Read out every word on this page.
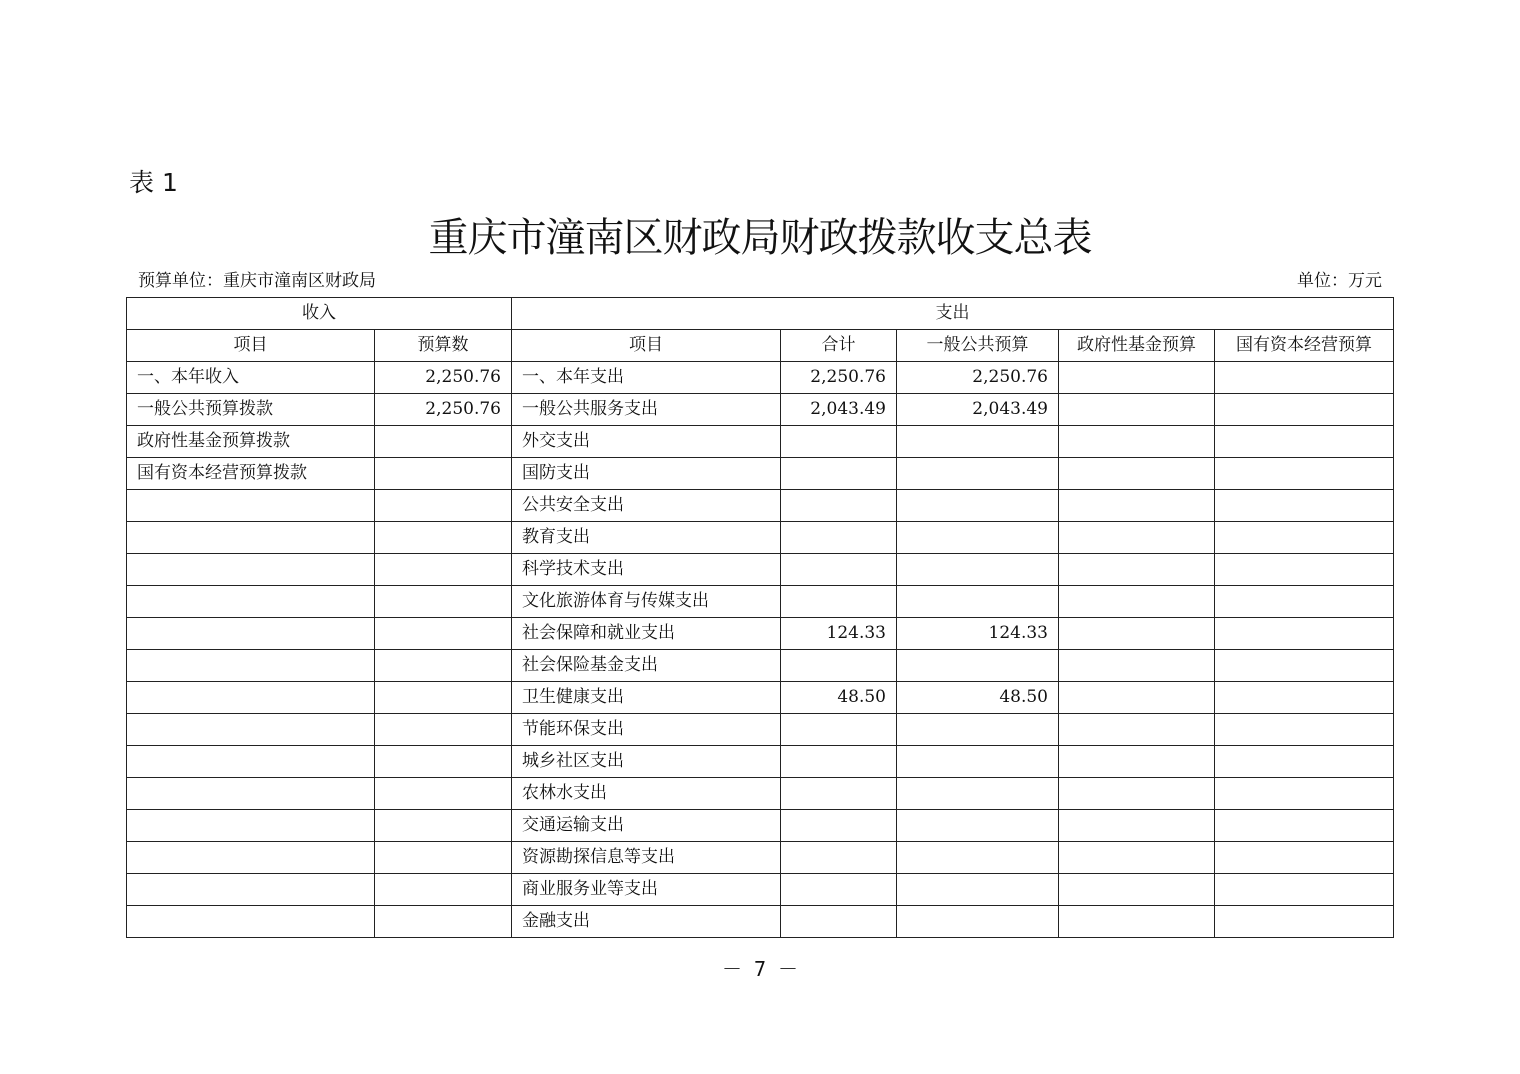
表 1
重庆市潼南区财政局财政拨款收支总表
预算单位：重庆市潼南区财政局	单位：万元
收入		支出				
项目	预算数	项目	合计	一般公共预算	政府性基金预算	国有资本经营预算
一、本年收入	2,250.76	一、本年支出	2,250.76	2,250.76		
一般公共预算拨款	2,250.76	一般公共服务支出	2,043.49	2,043.49		
政府性基金预算拨款		外交支出				
国有资本经营预算拨款		国防支出				
		公共安全支出				
		教育支出				
		科学技术支出				
		文化旅游体育与传媒支出				
		社会保障和就业支出	124.33	124.33		
		社会保险基金支出				
		卫生健康支出	48.50	48.50		
		节能环保支出				
		城乡社区支出				
		农林水支出				
		交通运输支出				
		资源勘探信息等支出				
		商业服务业等支出				
		金融支出				
－ 7 －
